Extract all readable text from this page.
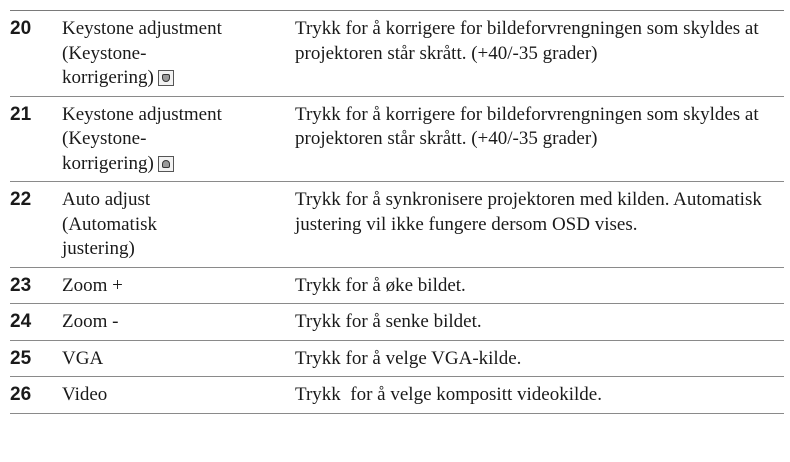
20	Keystone adjustment
(Keystone-
korrigering)	Trykk for å korrigere for bildeforvrengningen som skyldes at projektoren står skrått. (+40/-35 grader)
21	Keystone adjustment
(Keystone-
korrigering)	Trykk for å korrigere for bildeforvrengningen som skyldes at projektoren står skrått. (+40/-35 grader)
22	Auto adjust
(Automatisk
justering)	Trykk for å synkronisere projektoren med kilden. Automatisk justering vil ikke fungere dersom OSD vises.
23	Zoom +	Trykk for å øke bildet.
24	Zoom -	Trykk for å senke bildet.
25	VGA	Trykk for å velge VGA-kilde.
26	Video	Trykk  for å velge kompositt videokilde.
